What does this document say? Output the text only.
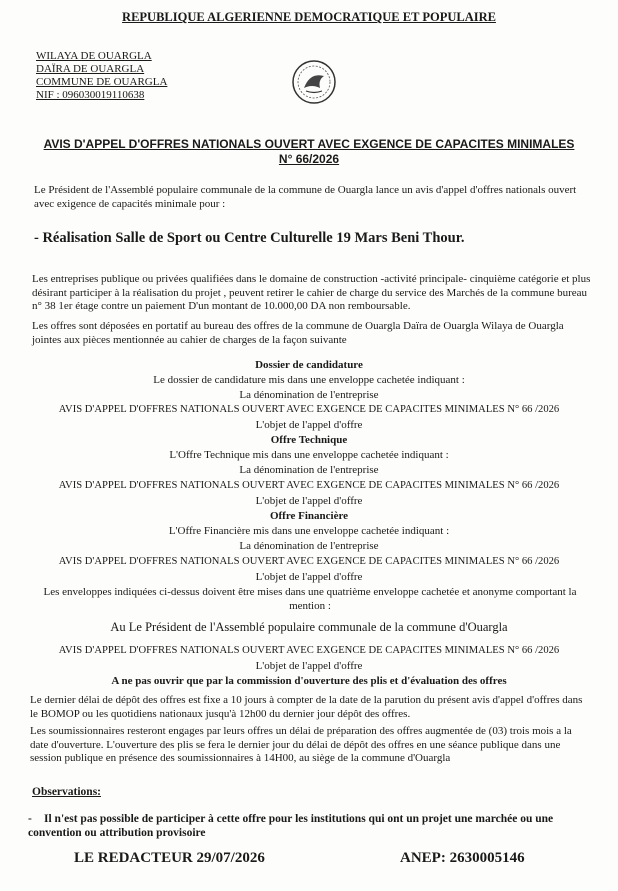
REPUBLIQUE ALGERIENNE DEMOCRATIQUE ET POPULAIRE
WILAYA DE OUARGLA
DAÏRA DE OUARGLA
COMMUNE DE OUARGLA
NIF : 096030019110638
AVIS D'APPEL D'OFFRES NATIONALS OUVERT AVEC EXGENCE DE CAPACITES MINIMALES
N° 66/2026
Le Président de l'Assemblé populaire communale de la commune de Ouargla lance un avis d'appel d'offres nationals ouvert avec exigence de capacités minimale pour :
- Réalisation Salle de Sport ou Centre Culturelle 19 Mars Beni Thour.
Les entreprises publique ou privées qualifiées dans le domaine de construction -activité principale- cinquième catégorie et plus désirant participer à la réalisation du projet , peuvent retirer le cahier de charge du service des Marchés de la commune bureau n° 38 1er étage contre un paiement D'un montant de 10.000,00 DA non remboursable.
Les offres sont déposées en portatif au bureau des offres de la commune de Ouargla Daïra de Ouargla Wilaya de Ouargla jointes aux pièces mentionnée au cahier de charges de la façon suivante
Dossier de candidature
Le dossier de candidature mis dans une enveloppe cachetée indiquant :
La dénomination de l'entreprise
AVIS D'APPEL D'OFFRES NATIONALS OUVERT AVEC EXGENCE DE CAPACITES MINIMALES N° 66 /2026
L'objet de l'appel d'offre
Offre Technique
L'Offre Technique mis dans une enveloppe cachetée indiquant :
La dénomination de l'entreprise
AVIS D'APPEL D'OFFRES NATIONALS OUVERT AVEC EXGENCE DE CAPACITES MINIMALES N° 66 /2026
L'objet de l'appel d'offre
Offre Financière
L'Offre Financière mis dans une enveloppe cachetée indiquant :
La dénomination de l'entreprise
AVIS D'APPEL D'OFFRES NATIONALS OUVERT AVEC EXGENCE DE CAPACITES MINIMALES N° 66 /2026
L'objet de l'appel d'offre
Les enveloppes indiquées ci-dessus doivent être mises dans une quatrième enveloppe cachetée et anonyme comportant la mention :
Au Le Président de l'Assemblé populaire communale de la commune d'Ouargla
AVIS D'APPEL D'OFFRES NATIONALS OUVERT AVEC EXGENCE DE CAPACITES MINIMALES N° 66 /2026
L'objet de l'appel d'offre
A ne pas ouvrir que par la commission d'ouverture des plis et d'évaluation des offres
Le dernier délai de dépôt des offres est fixe a 10 jours à compter de la date de la parution du présent avis d'appel d'offres dans le BOMOP ou les quotidiens nationaux jusqu'à 12h00 du dernier jour dépôt des offres.
Les soumissionnaires resteront engages par leurs offres un délai de préparation des offres augmentée de (03) trois mois a la date d'ouverture. L'ouverture des plis se fera le dernier jour du délai de dépôt des offres en une séance publique dans une session publique en présence des soumissionnaires à 14H00, au siège de la commune d'Ouargla
Observations:
- Il n'est pas possible de participer à cette offre pour les institutions qui ont un projet une marchée ou une convention ou attribution provisoire
LE REDACTEUR 29/07/2026	ANEP: 2630005146
